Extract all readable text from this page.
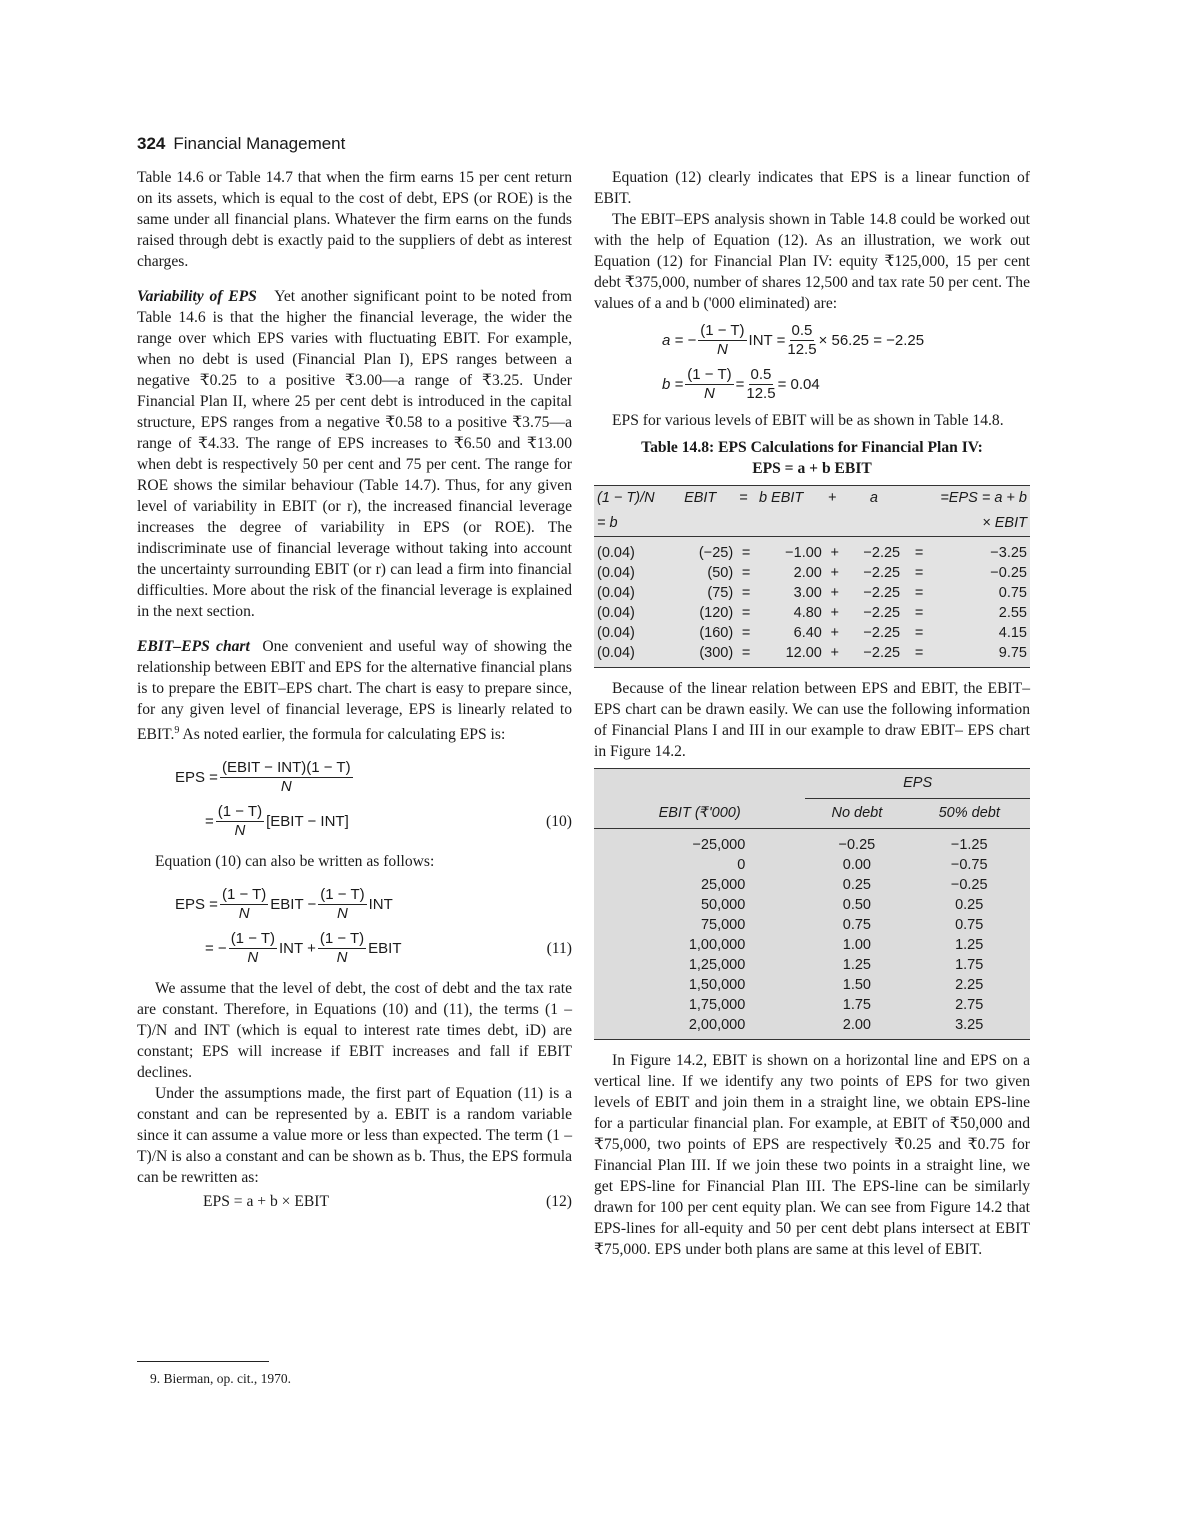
324 Financial Management

Table 14.6 or Table 14.7 that when the firm earns 15 per cent return on its assets, which is equal to the cost of debt, EPS (or ROE) is the same under all financial plans. Whatever the firm earns on the funds raised through debt is exactly paid to the suppliers of debt as interest charges.

Variability of EPS Yet another significant point to be noted from Table 14.6 is that the higher the financial leverage, the wider the range over which EPS varies with fluctuating EBIT. For example, when no debt is used (Financial Plan I), EPS ranges between a negative ₹0.25 to a positive ₹3.00—a range of ₹3.25. Under Financial Plan II, where 25 per cent debt is introduced in the capital structure, EPS ranges from a negative ₹0.58 to a positive ₹3.75—a range of ₹4.33. The range of EPS increases to ₹6.50 and ₹13.00 when debt is respectively 50 per cent and 75 per cent. The range for ROE shows the similar behaviour (Table 14.7). Thus, for any given level of variability in EBIT (or r), the increased financial leverage increases the degree of variability in EPS (or ROE). The indiscriminate use of financial leverage without taking into account the uncertainty surrounding EBIT (or r) can lead a firm into financial difficulties. More about the risk of the financial leverage is explained in the next section.

EBIT–EPS chart One convenient and useful way of showing the relationship between EBIT and EPS for the alternative financial plans is to prepare the EBIT–EPS chart. The chart is easy to prepare since, for any given level of financial leverage, EPS is linearly related to EBIT.$^9$ As noted earlier, the formula for calculating EPS is:

EPS = $\frac{\text{(EBIT − INT)(1 − T)}}{N}$
= $\frac{(1 - T)}{N}$ [EBIT − INT]	(10)

Equation (10) can also be written as follows:

EPS = $\frac{(1 - T)}{N}$ EBIT − $\frac{(1 - T)}{N}$ INT
= − $\frac{(1 - T)}{N}$ INT + $\frac{(1 - T)}{N}$ EBIT	(11)

We assume that the level of debt, the cost of debt and the tax rate are constant. Therefore, in Equations (10) and (11), the terms (1 – T)/N and INT (which is equal to interest rate times debt, iD) are constant; EPS will increase if EBIT increases and fall if EBIT declines.

Under the assumptions made, the first part of Equation (11) is a constant and can be represented by a. EBIT is a random variable since it can assume a value more or less than expected. The term (1 – T)/N is also a constant and can be shown as b. Thus, the EPS formula can be rewritten as:

EPS = a + b × EBIT	(12)
9. Bierman, op. cit., 1970.

Equation (12) clearly indicates that EPS is a linear function of EBIT.

The EBIT–EPS analysis shown in Table 14.8 could be worked out with the help of Equation (12). As an illustration, we work out Equation (12) for Financial Plan IV: equity ₹125,000, 15 per cent debt ₹375,000, number of shares 12,500 and tax rate 50 per cent. The values of a and b ('000 eliminated) are:

a = − $\frac{(1 - T)}{N}$ INT = $\frac{0.5}{12.5} \times 56.25 = -2.25$
$b = \frac{(1 - T)}{N} = \frac{0.5}{12.5} = 0.04$

EPS for various levels of EBIT will be as shown in Table 14.8.

Table 14.8: EPS Calculations for Financial Plan IV:
EPS = a + b EBIT
(1 − T)/N	EBIT	=	b EBIT	+	a	=EPS = a + b	
= b						× EBIT	
(0.04)	(−25)	=	−1.00	+	−2.25	=	−3.25
(0.04)	(50)	=	2.00	+	−2.25	=	−0.25
(0.04)	(75)	=	3.00	+	−2.25	=	0.75
(0.04)	(120)	=	4.80	+	−2.25	=	2.55
(0.04)	(160)	=	6.40	+	−2.25	=	4.15
(0.04)	(300)	=	12.00	+	−2.25	=	9.75

Because of the linear relation between EPS and EBIT, the EBIT–EPS chart can be drawn easily. We can use the following information of Financial Plans I and III in our example to draw EBIT– EPS chart in Figure 14.2.

	EPS	
EBIT (₹'000)	No debt	50% debt
−25,000	−0.25	−1.25
0	0.00	−0.75
25,000	0.25	−0.25
50,000	0.50	0.25
75,000	0.75	0.75
1,00,000	1.00	1.25
1,25,000	1.25	1.75
1,50,000	1.50	2.25
1,75,000	1.75	2.75
2,00,000	2.00	3.25

In Figure 14.2, EBIT is shown on a horizontal line and EPS on a vertical line. If we identify any two points of EPS for two given levels of EBIT and join them in a straight line, we obtain EPS-line for a particular financial plan. For example, at EBIT of ₹50,000 and ₹75,000, two points of EPS are respectively ₹0.25 and ₹0.75 for Financial Plan III. If we join these two points in a straight line, we get EPS-line for Financial Plan III. The EPS-line can be similarly drawn for 100 per cent equity plan. We can see from Figure 14.2 that EPS-lines for all-equity and 50 per cent debt plans intersect at EBIT ₹75,000. EPS under both plans are same at this level of EBIT.
